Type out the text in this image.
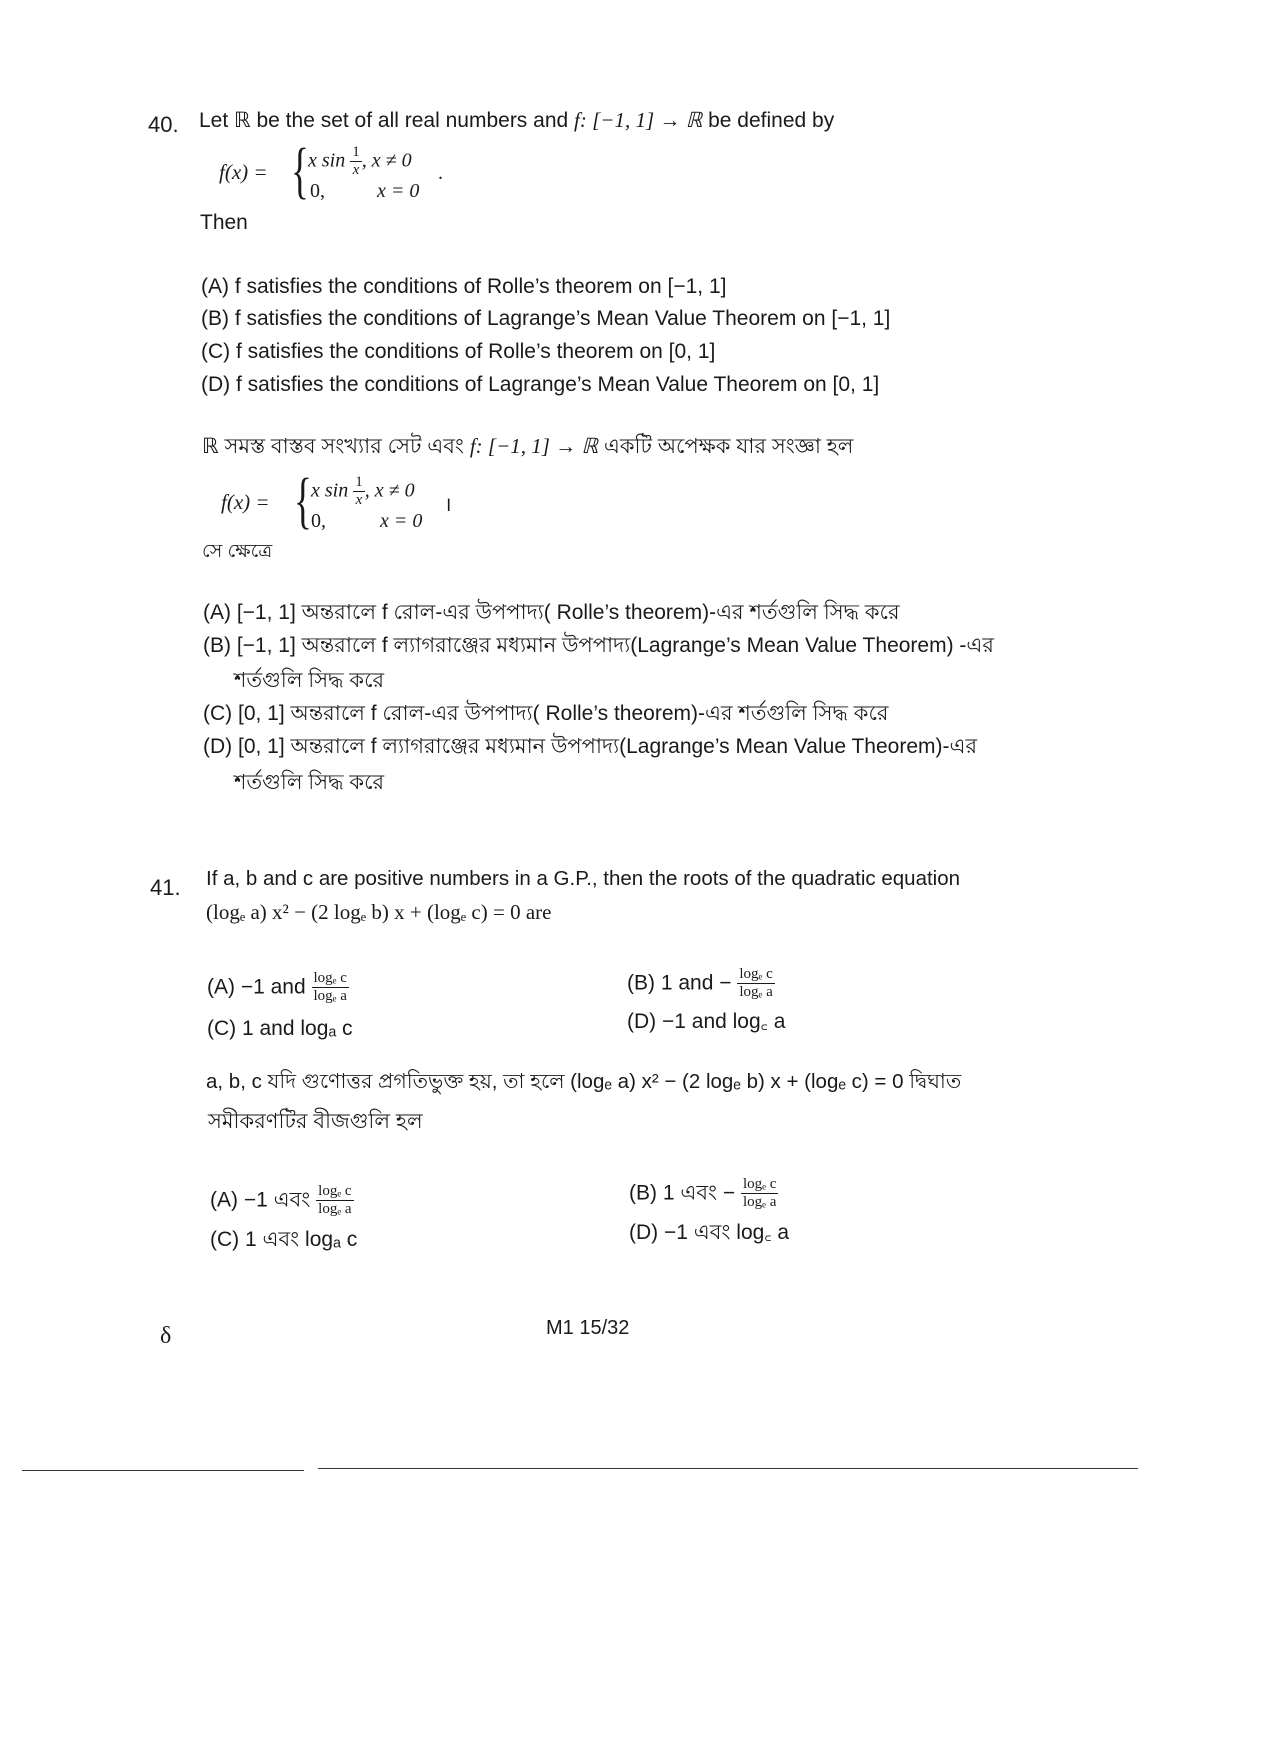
40. Let ℝ be the set of all real numbers and f: [−1, 1] → ℝ be defined by
f(x) = { x $\sin \frac{1}{x}$ , x ≠ 0
0,	x = 0
.
Then
(A) f satisfies the conditions of Rolle’s theorem on [−1, 1]
(B) f satisfies the conditions of Lagrange’s Mean Value Theorem on [−1, 1]
(C) f satisfies the conditions of Rolle’s theorem on [0, 1]
(D) f satisfies the conditions of Lagrange’s Mean Value Theorem on [0, 1]
ℝ সমস্ত বাস্তব সংখ্যার সেট এবং f: [−1, 1] → ℝ একটি অপেক্ষক যার সংজ্ঞা হল
f(x) = { x $\sin \frac{1}{x}$ , x ≠ 0
0,	x = 0
।
সে ক্ষেত্রে
(A) [−1, 1] অন্তরালে f রোল-এর উপপাদ্য( Rolle’s theorem)-এর শর্তগুলি সিদ্ধ করে
(B) [−1, 1] অন্তরালে f ল্যাগরাঞ্জের মধ্যমান উপপাদ্য(Lagrange’s Mean Value Theorem) -এর
শর্তগুলি সিদ্ধ করে
(C) [0, 1] অন্তরালে f রোল-এর উপপাদ্য( Rolle’s theorem)-এর শর্তগুলি সিদ্ধ করে
(D) [0, 1] অন্তরালে f ল্যাগরাঞ্জের মধ্যমান উপপাদ্য(Lagrange’s Mean Value Theorem)-এর
শর্তগুলি সিদ্ধ করে
41. If a, b and c are positive numbers in a G.P., then the roots of the quadratic equation
(logₑ a) x² − (2 logₑ b) x + (logₑ c) = 0 are
(A) −1 and $\frac{\text{logₑ c}}{\text{logₑ a}}$	(B) 1 and − $\frac{\text{logₑ c}}{\text{logₑ a}}$
(C) 1 and logₐ c	(D) −1 and log꜀ a
a, b, c যদি গুণোত্তর প্রগতিভুক্ত হয়, তা হলে (logₑ a) x² − (2 logₑ b) x + (logₑ c) = 0 দ্বিঘাত
সমীকরণটির বীজগুলি হল
(A) −1 এবং $\frac{\text{logₑ c}}{\text{logₑ a}}$	(B) 1 এবং − $\frac{\text{logₑ c}}{\text{logₑ a}}$
(C) 1 এবং logₐ c	(D) −1 এবং log꜀ a
δ	M1 15/32
